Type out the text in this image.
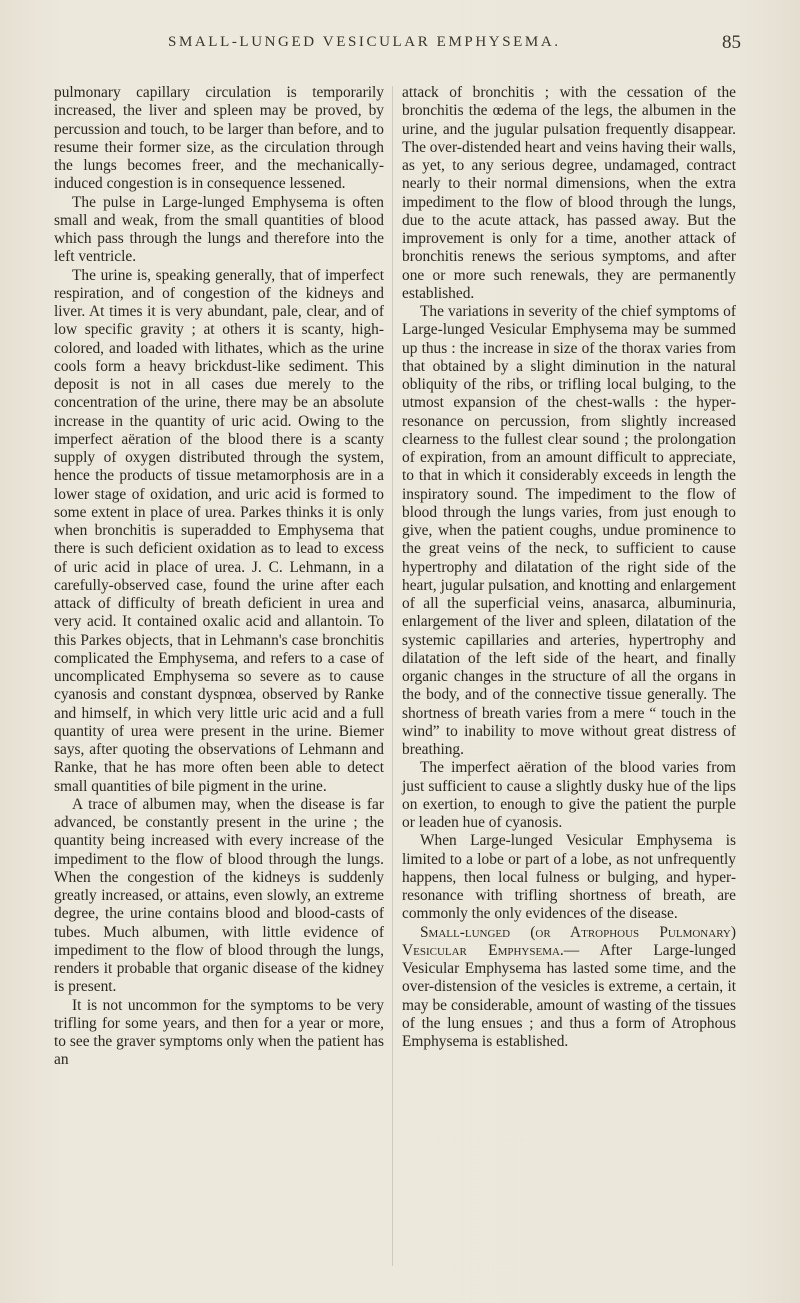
SMALL-LUNGED VESICULAR EMPHYSEMA.	85

pulmonary capillary circulation is temporarily increased, the liver and spleen may be proved, by percussion and touch, to be larger than before, and to resume their former size, as the circulation through the lungs becomes freer, and the mechanically-induced congestion is in consequence lessened.

The pulse in Large-lunged Emphysema is often small and weak, from the small quantities of blood which pass through the lungs and therefore into the left ventricle.

The urine is, speaking generally, that of imperfect respiration, and of congestion of the kidneys and liver. At times it is very abundant, pale, clear, and of low specific gravity ; at others it is scanty, high-colored, and loaded with lithates, which as the urine cools form a heavy brickdust-like sediment. This deposit is not in all cases due merely to the concentration of the urine, there may be an absolute increase in the quantity of uric acid. Owing to the imperfect aëration of the blood there is a scanty supply of oxygen distributed through the system, hence the products of tissue metamorphosis are in a lower stage of oxidation, and uric acid is formed to some extent in place of urea. Parkes thinks it is only when bronchitis is superadded to Emphysema that there is such deficient oxidation as to lead to excess of uric acid in place of urea. J. C. Lehmann, in a carefully-observed case, found the urine after each attack of difficulty of breath deficient in urea and very acid. It contained oxalic acid and allantoin. To this Parkes objects, that in Lehmann's case bronchitis complicated the Emphysema, and refers to a case of uncomplicated Emphysema so severe as to cause cyanosis and constant dyspnœa, observed by Ranke and himself, in which very little uric acid and a full quantity of urea were present in the urine. Biemer says, after quoting the observations of Lehmann and Ranke, that he has more often been able to detect small quantities of bile pigment in the urine.

A trace of albumen may, when the disease is far advanced, be constantly present in the urine ; the quantity being increased with every increase of the impediment to the flow of blood through the lungs. When the congestion of the kidneys is suddenly greatly increased, or attains, even slowly, an extreme degree, the urine contains blood and blood-casts of tubes. Much albumen, with little evidence of impediment to the flow of blood through the lungs, renders it probable that organic disease of the kidney is present.

It is not uncommon for the symptoms to be very trifling for some years, and then for a year or more, to see the graver symptoms only when the patient has an

attack of bronchitis ; with the cessation of the bronchitis the œdema of the legs, the albumen in the urine, and the jugular pulsation frequently disappear. The over-distended heart and veins having their walls, as yet, to any serious degree, undamaged, contract nearly to their normal dimensions, when the extra impediment to the flow of blood through the lungs, due to the acute attack, has passed away. But the improvement is only for a time, another attack of bronchitis renews the serious symptoms, and after one or more such renewals, they are permanently established.

The variations in severity of the chief symptoms of Large-lunged Vesicular Emphysema may be summed up thus : the increase in size of the thorax varies from that obtained by a slight diminution in the natural obliquity of the ribs, or trifling local bulging, to the utmost expansion of the chest-walls : the hyper-resonance on percussion, from slightly increased clearness to the fullest clear sound ; the prolongation of expiration, from an amount difficult to appreciate, to that in which it considerably exceeds in length the inspiratory sound. The impediment to the flow of blood through the lungs varies, from just enough to give, when the patient coughs, undue prominence to the great veins of the neck, to sufficient to cause hypertrophy and dilatation of the right side of the heart, jugular pulsation, and knotting and enlargement of all the superficial veins, anasarca, albuminuria, enlargement of the liver and spleen, dilatation of the systemic capillaries and arteries, hypertrophy and dilatation of the left side of the heart, and finally organic changes in the structure of all the organs in the body, and of the connective tissue generally. The shortness of breath varies from a mere “ touch in the wind” to inability to move without great distress of breathing.

The imperfect aëration of the blood varies from just sufficient to cause a slightly dusky hue of the lips on exertion, to enough to give the patient the purple or leaden hue of cyanosis.

When Large-lunged Vesicular Emphysema is limited to a lobe or part of a lobe, as not unfrequently happens, then local fulness or bulging, and hyper-resonance with trifling shortness of breath, are commonly the only evidences of the disease.

Small-lunged (or Atrophous Pulmonary) Vesicular Emphysema.— After Large-lunged Vesicular Emphysema has lasted some time, and the over-distension of the vesicles is extreme, a certain, it may be considerable, amount of wasting of the tissues of the lung ensues ; and thus a form of Atrophous Emphysema is established.
